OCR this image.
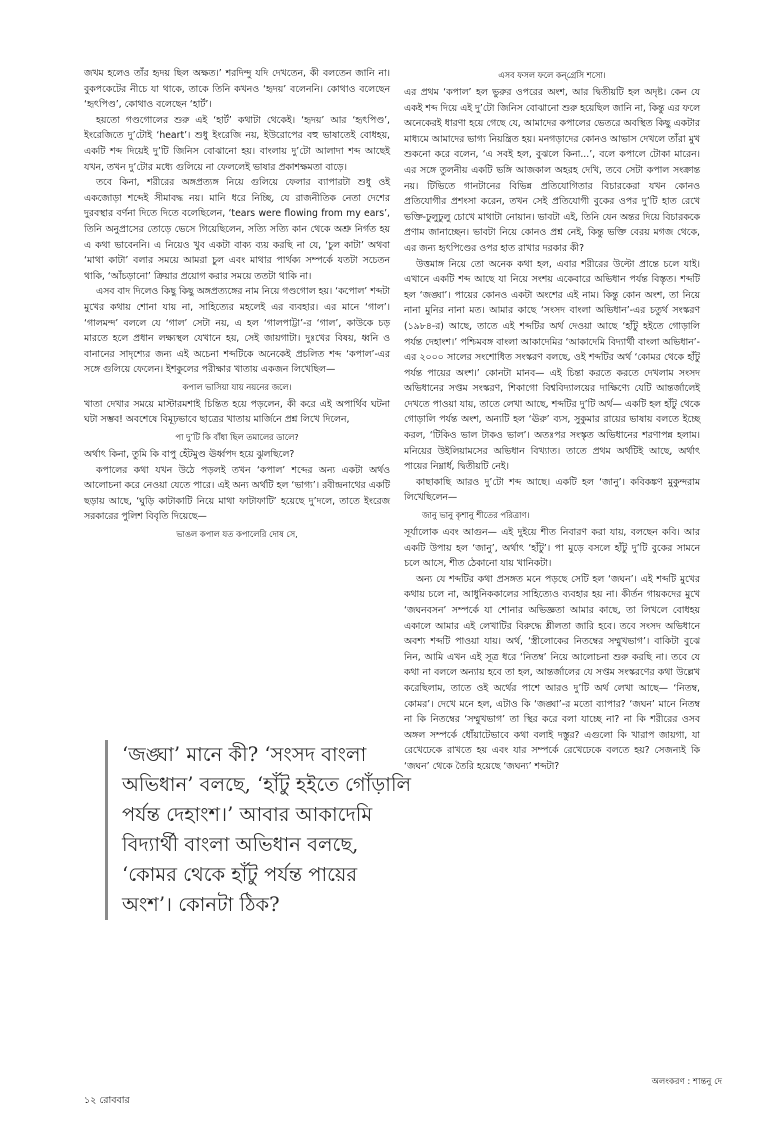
জখম হলেও তাঁর হৃদয় ছিল অক্ষত।’ শরদিন্দু যদি দেখতেন, কী বলতেন জানি না। বুকপকেটের নীচে যা থাকে, তাকে তিনি কখনও ‘হৃদয়’ বলেননি। কোথাও বলেছেন ‘হৃৎপিণ্ড’, কোথাও বলেছেন ‘হার্ট’।

হয়তো গণ্ডগোলের শুরু এই ‘হার্ট’ কথাটা থেকেই। ‘হৃদয়’ আর ‘হৃৎপিণ্ড’, ইংরেজিতে দু’টোই ‘heart’। শুধু ইংরেজি নয়, ইউরোপের বহু ভাষাতেই বোধহয়, একটি শব্দ দিয়েই দু’টি জিনিস বোঝানো হয়। বাংলায় দু’টো আলাদা শব্দ আছেই যখন, তখন দু’টোর মধ্যে গুলিয়ে না ফেললেই ভাষার প্রকাশক্ষমতা বাড়ে।

তবে কিনা, শরীরের অঙ্গপ্রত্যঙ্গ নিয়ে গুলিয়ে ফেলার ব্যাপারটা শুধু ওই একজোড়া শব্দেই সীমাবদ্ধ নয়। মানি ধরে নিচ্ছি, যে রাজনীতিক নেতা দেশের দুরবস্থার বর্ণনা দিতে দিতে বলেছিলেন, ‘tears were flowing from my ears’, তিনি অনুপ্রাসের তোড়ে ভেসে গিয়েছিলেন, সত্যি সত্যি কান থেকে অশ্রু নির্গত হয় এ কথা ভাবেননি। এ নিয়েও খুব একটা বাক্য ব্যয় করছি না যে, ‘চুল কাটা’ অথবা ‘মাথা কাটা’ বলার সময়ে আমরা চুল এবং মাথার পার্থক্য সম্পর্কে যতটা সচেতন থাকি, ‘আঁচড়ানো’ ক্রিয়ার প্রয়োগ করার সময়ে ততটা থাকি না।

এসব বাদ দিলেও কিছু কিছু অঙ্গপ্রত্যঙ্গের নাম নিয়ে গণ্ডগোল হয়। ‘কপোল’ শব্দটা মুখের কথায় শোনা যায় না, সাহিত্যের মহলেই এর ব্যবহার। এর মানে ‘গাল’। ‘গালমন্দ’ বললে যে ‘গাল’ সেটা নয়, এ হল ‘গালপাট্টা’-র ‘গাল’, কাউকে চড় মারতে হলে প্রধান লক্ষ্যস্থল যেখানে হয়, সেই জায়গাটা। দুঃখের বিষয়, ধ্বনি ও বানানের সাদৃশ্যের জন্য এই অচেনা শব্দটিকে অনেকেই প্রচলিত শব্দ ‘কপাল’-এর সঙ্গে গুলিয়ে ফেলেন। ইশকুলের পরীক্ষার খাতায় একজন লিখেছিল—

কপাল ভাসিয়া যায় নয়নের জলে।

খাতা দেখার সময়ে মাস্টারমশাই চিন্তিত হয়ে পড়লেন, কী করে এই অপার্থিব ঘটনা ঘটা সম্ভব! অবশেষে বিমূঢ়ভাবে ছাত্রের খাতায় মার্জিনে প্রশ্ন লিখে দিলেন,

পা দু’টি কি বাঁধা ছিল তমালের ডালে?

অর্থাৎ কিনা, তুমি কি বাপু হেঁটমুণ্ড ঊর্ধ্বপদ হয়ে ঝুলছিলে?

কপালের কথা যখন উঠে পড়লই তখন ‘কপাল’ শব্দের অন্য একটা অর্থও আলোচনা করে নেওয়া যেতে পারে। এই অন্য অর্থটি হল ‘ভাগ্য’। রবীন্দ্রনাথের একটি ছড়ায় আছে, ‘ঘুড়ি কাটাকাটি নিয়ে মাথা ফাটাফাটি’ হয়েছে দু’দলে, তাতে ইংরেজ সরকারের পুলিশ বিবৃতি দিয়েছে—

ভাঙল কপাল যত কপালেরি দোষ সে,

এসব ফসল ফলে কন্‌গ্রেসি শসো।

এর প্রথম ‘কপাল’ হল ভুরুর ওপরের অংশ, আর দ্বিতীয়টি হল অদৃষ্ট। কেন যে একই শব্দ দিয়ে এই দু’টো জিনিস বোঝানো শুরু হয়েছিল জানি না, কিন্তু এর ফলে অনেকেরই ধারণা হয়ে গেছে যে, আমাদের কপালের ভেতরে অবস্থিত কিছু একটার মাধ্যমে আমাদের ভাগ্য নিয়ন্ত্রিত হয়। মনগড়াদের কোনও আভাস দেখলে তাঁরা মুখ শুকনো করে বলেন, ‘এ সবই হল, বুঝলে কিনা...’, বলে কপালে টোকা মারেন। এর সঙ্গে তুলনীয় একটি ভঙ্গি আজকাল অহরহ দেখি, তবে সেটা কপাল সংক্রান্ত নয়। টিভিতে গানটানের বিভিন্ন প্রতিযোগিতার বিচারকেরা যখন কোনও প্রতিযোগীর প্রশংসা করেন, তখন সেই প্রতিযোগী বুকের ওপর দু’টি হাত রেখে ভক্তি-ঢুলুঢুলু চোখে মাথাটা নোয়ান। ভাবটা এই, তিনি যেন অন্তর দিয়ে বিচারককে প্রণাম জানাচ্ছেন। ভাবটা নিয়ে কোনও প্রশ্ন নেই, কিন্তু ভক্তি বেরয় মগজ থেকে, এর জন্য হৃৎপিণ্ডের ওপর হাত রাখার দরকার কী?

উত্তমাঙ্গ নিয়ে তো অনেক কথা হল, এবার শরীরের উল্টো প্রান্তে চলে যাই। এখানে একটি শব্দ আছে যা নিয়ে সংশয় একেবারে অভিধান পর্যন্ত বিস্তৃত। শব্দটি হল ‘জঙ্ঘা’। পায়ের কোনও একটা অংশের এই নাম। কিন্তু কোন অংশ, তা নিয়ে নানা মুনির নানা মত। আমার কাছে ‘সংসদ বাংলা অভিধান’-এর চতুর্থ সংস্করণ (১৯৮৪-র) আছে, তাতে এই শব্দটির অর্থ দেওয়া আছে ‘হাঁটু হইতে গোড়ালি পর্যন্ত দেহাংশ।’ পশ্চিমবঙ্গ বাংলা আকাদেমির ‘আকাদেমি বিদ্যার্থী বাংলা অভিধান’-এর ২০০০ সালের সংশোধিত সংস্করণ বলছে, ওই শব্দটির অর্থ ‘কোমর থেকে হাঁটু পর্যন্ত পায়ের অংশ।’ কোনটা মানব— এই চিন্তা করতে করতে দেখলাম সংসদ অভিধানের সপ্তম সংস্করণ, শিকাগো বিশ্ববিদ্যালয়ের দাক্ষিণ্যে যেটি আন্তর্জালেই দেখতে পাওয়া যায়, তাতে লেখা আছে, শব্দটির দু’টি অর্থ— একটি হল হাঁটু থেকে গোড়ালি পর্যন্ত অংশ, অন্যটি হল ‘ঊরু’ ব্যস, সুকুমার রায়ের ভাষায় বলতে ইচ্ছে করল, ‘টিকিও ভাল টাকও ভাল’। অতঃপর সংস্কৃত অভিধানের শরণাপন্ন হলাম। মনিয়ের উইলিয়ামসের অভিধান বিখ্যাত। তাতে প্রথম অর্থটিই আছে, অর্থাৎ পায়ের নিম্নার্ধ, দ্বিতীয়টি নেই।

কাছাকাছি আরও দু’টো শব্দ আছে। একটি হল ‘জানু’। কবিকঙ্কণ মুকুন্দরাম লিখেছিলেন—

জানু ভানু কৃশানু শীতের পরিত্রাণ।

সূর্যালোক এবং আগুন— এই দুইয়ে শীত নিবারণ করা যায়, বলছেন কবি। আর একটি উপায় হল ‘জানু’, অর্থাৎ ‘হাঁটু’। পা মুড়ে বসলে হাঁটু দু’টি বুকের সামনে চলে আসে, শীত ঠেকানো যায় খানিকটা।

অন্য যে শব্দটির কথা প্রসঙ্গত মনে পড়ছে সেটি হল ‘জঘন’। এই শব্দটি মুখের কথায় চলে না, আধুনিককালের সাহিত্যেও ব্যবহার হয় না। কীর্তন গায়কদের মুখে ‘জঘনবসন’ সম্পর্কে যা শোনার অভিজ্ঞতা আমার কাছে, তা লিখলে বোধহয় একালে আমার এই লেখাটির বিরুদ্ধে শ্লীলতা জারি হবে। তবে সংসদ অভিধানে অবশ্য শব্দটি পাওয়া যায়। অর্থ, ‘স্ত্রীলোকের নিতম্বের সম্মুখভাগ’। বাকিটা বুঝে নিন, আমি এখন এই সূত্র ধরে ‘নিতম্ব’ নিয়ে আলোচনা শুরু করছি না। তবে যে কথা না বললে অন্যায় হবে তা হল, আন্তর্জালের যে সপ্তম সংস্করণের কথা উল্লেখ করেছিলাম, তাতে ওই অর্থের পাশে আরও দু’টি অর্থ লেখা আছে— ‘নিতম্ব, কোমর’। দেখে মনে হল, এটাও কি ‘জঙ্ঘা’-র মতো ব্যাপার? ‘জঘন’ মানে নিতম্ব না কি নিতম্বের ‘সম্মুখভাগ’ তা স্থির করে বলা যাচ্ছে না? না কি শরীরের ওসব অঙ্গল সম্পর্কে ধোঁয়াটেভাবে কথা বলাই দস্তুর? এগুলো কি খারাপ জায়গা, যা রেখেঢেকে রাখতে হয় এবং যার সম্পর্কে রেখেঢেকে বলতে হয়? সেজন্যই কি ‘জঘন’ থেকে তৈরি হয়েছে ‘জঘন্য’ শব্দটা?

‘জঙ্ঘা’ মানে কী? ‘সংসদ বাংলা অভিধান’ বলছে, ‘হাঁটু হইতে গোঁড়ালি পর্যন্ত দেহাংশ।’ আবার আকাদেমি বিদ্যার্থী বাংলা অভিধান বলছে, ‘কোমর থেকে হাঁটু পর্যন্ত পায়ের অংশ’। কোনটা ঠিক?

অলংকরণ : শান্তনু দে
১২ রোববার
